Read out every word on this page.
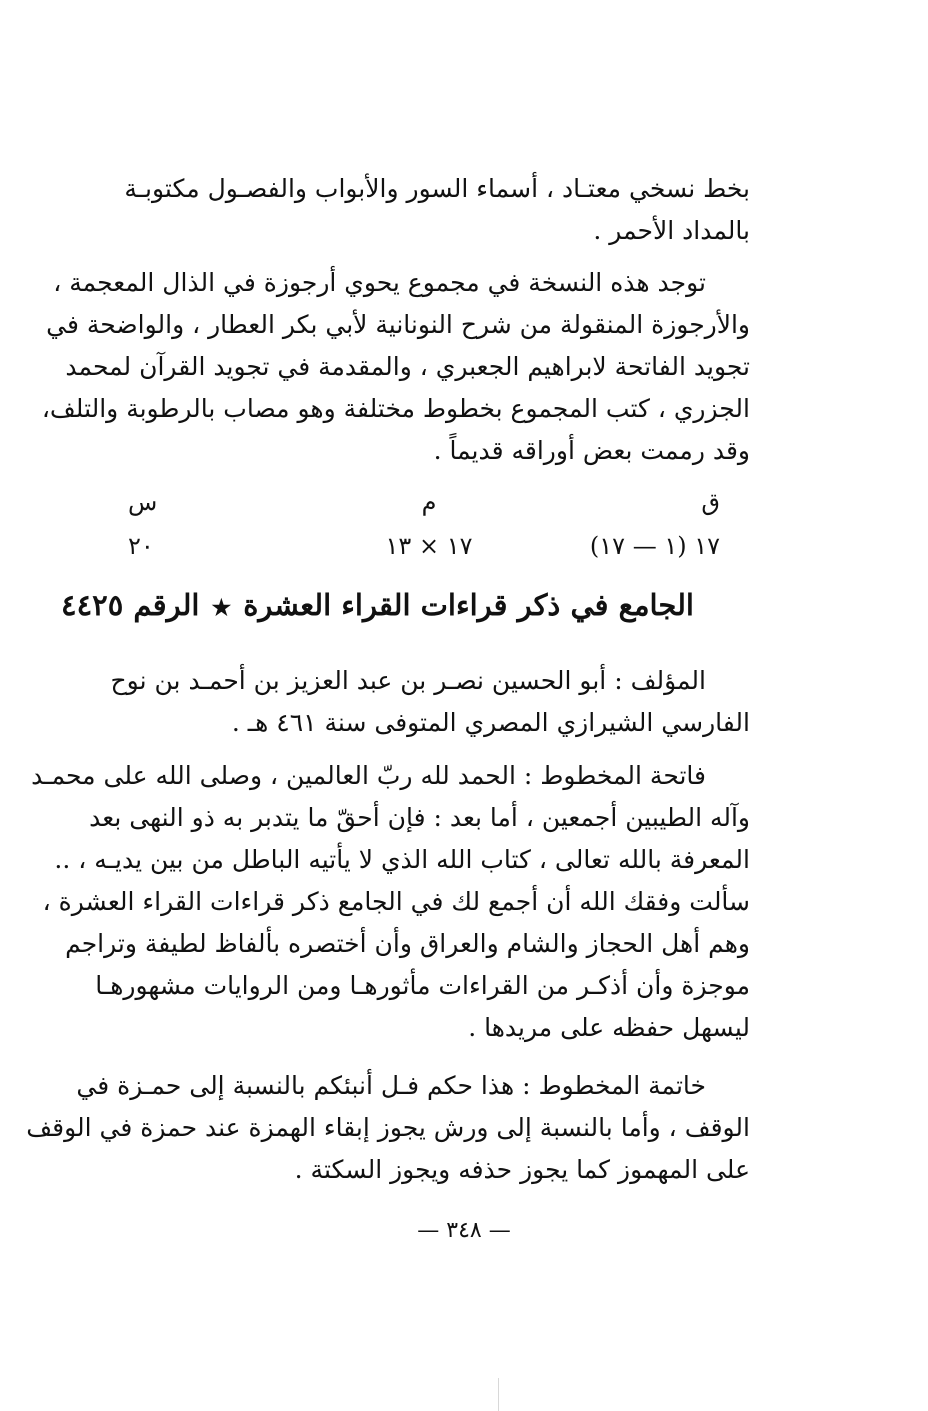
بخط نسخي معتـاد ، أسماء السور والأبواب والفصـول مكتوبـة
بالمداد الأحمر .
توجد هذه النسخة في مجموع يحوي أرجوزة في الذال المعجمة ،
والأرجوزة المنقولة من شرح النونانية لأبي بكر العطار ، والواضحة في
تجويد الفاتحة لابراهيم الجعبري ، والمقدمة في تجويد القرآن لمحمد
الجزري ، كتب المجموع بخطوط مختلفة وهو مصاب بالرطوبة والتلف،
وقد رممت بعض أوراقه قديماً .
ق
م
س
١٧ (١ — ١٧)
١٧ × ١٣
٢٠
الجامع في ذكر قراءات القراء العشرة
★
الرقم ٤٤٢٥
المؤلف : أبو الحسين نصـر بن عبد العزيز بن أحمـد بن نوح
الفارسي الشيرازي المصري المتوفى سنة ٤٦١ هـ .
فاتحة المخطوط : الحمد لله ربّ العالمين ، وصلى الله على محمـد
وآله الطيبين أجمعين ، أما بعد : فإن أحقّ ما يتدبر به ذو النهى بعد
المعرفة بالله تعالى ، كتاب الله الذي لا يأتيه الباطل من بين يديـه ، ..
سألت وفقك الله أن أجمع لك في الجامع ذكر قراءات القراء العشرة ،
وهم أهل الحجاز والشام والعراق وأن أختصره بألفاظ لطيفة وتراجم
موجزة وأن أذكـر من القراءات مأثورهـا ومن الروايات مشهورهـا
ليسهل حفظه على مريدها .
خاتمة المخطوط : هذا حكم فـل أنبئكم بالنسبة إلى حمـزة في
الوقف ، وأما بالنسبة إلى ورش يجوز إبقاء الهمزة عند حمزة في الوقف
على المهموز كما يجوز حذفه ويجوز السكتة .
— ٣٤٨ —
